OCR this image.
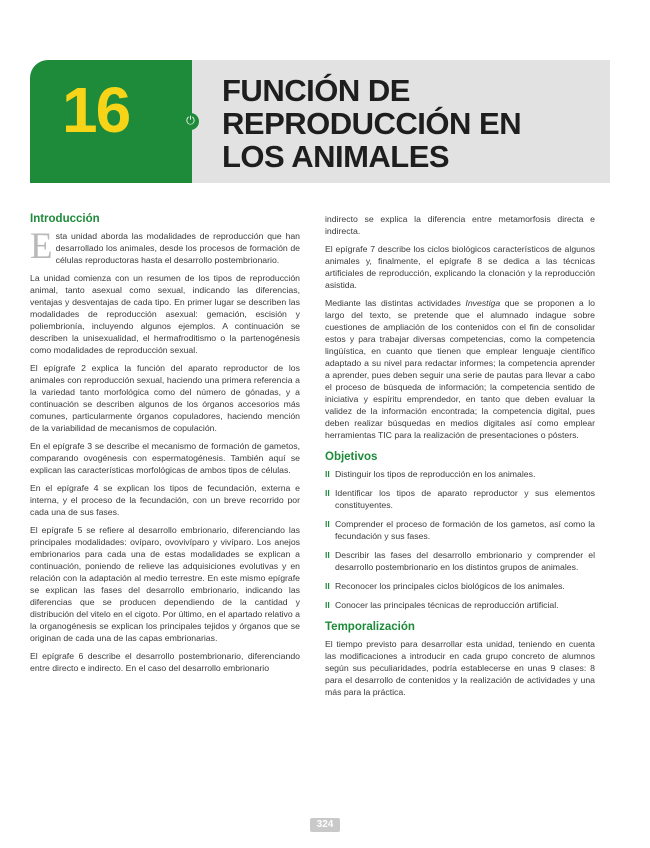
16	⏻
FUNCIÓN DE
REPRODUCCIÓN EN
LOS ANIMALES
Introducción

Esta unidad aborda las modalidades de reproducción que han desarrollado los animales, desde los procesos de formación de células reproductoras hasta el desarrollo postembrionario.

La unidad comienza con un resumen de los tipos de reproducción animal, tanto asexual como sexual, indicando las diferencias, ventajas y desventajas de cada tipo. En primer lugar se describen las modalidades de reproducción asexual: gemación, escisión y poliembrionía, incluyendo algunos ejemplos. A continuación se describen la unisexualidad, el hermafroditismo o la partenogénesis como modalidades de reproducción sexual.

El epígrafe 2 explica la función del aparato reproductor de los animales con reproducción sexual, haciendo una primera referencia a la variedad tanto morfológica como del número de gónadas, y a continuación se describen algunos de los órganos accesorios más comunes, particularmente órganos copuladores, haciendo mención de la variabilidad de mecanismos de copulación.

En el epígrafe 3 se describe el mecanismo de formación de gametos, comparando ovogénesis con espermatogénesis. También aquí se explican las características morfológicas de ambos tipos de células.

En el epígrafe 4 se explican los tipos de fecundación, externa e interna, y el proceso de la fecundación, con un breve recorrido por cada una de sus fases.

El epígrafe 5 se refiere al desarrollo embrionario, diferenciando las principales modalidades: ovíparo, ovovivíparo y vivíparo. Los anejos embrionarios para cada una de estas modalidades se explican a continuación, poniendo de relieve las adquisiciones evolutivas y en relación con la adaptación al medio terrestre. En este mismo epígrafe se explican las fases del desarrollo embrionario, indicando las diferencias que se producen dependiendo de la cantidad y distribución del vitelo en el cigoto. Por último, en el apartado relativo a la organogénesis se explican los principales tejidos y órganos que se originan de cada una de las capas embrionarias.

El epígrafe 6 describe el desarrollo postembrionario, diferenciando entre directo e indirecto. En el caso del desarrollo embrionario

indirecto se explica la diferencia entre metamorfosis directa e indirecta.

El epígrafe 7 describe los ciclos biológicos característicos de algunos animales y, finalmente, el epígrafe 8 se dedica a las técnicas artificiales de reproducción, explicando la clonación y la reproducción asistida.

Mediante las distintas actividades Investiga que se proponen a lo largo del texto, se pretende que el alumnado indague sobre cuestiones de ampliación de los contenidos con el fin de consolidar estos y para trabajar diversas competencias, como la competencia lingüística, en cuanto que tienen que emplear lenguaje científico adaptado a su nivel para redactar informes; la competencia aprender a aprender, pues deben seguir una serie de pautas para llevar a cabo el proceso de búsqueda de información; la competencia sentido de iniciativa y espíritu emprendedor, en tanto que deben evaluar la validez de la información encontrada; la competencia digital, pues deben realizar búsquedas en medios digitales así como emplear herramientas TIC para la realización de presentaciones o pósters.

Objetivos
ll Distinguir los tipos de reproducción en los animales.
ll Identificar los tipos de aparato reproductor y sus elementos constituyentes.
ll Comprender el proceso de formación de los gametos, así como la fecundación y sus fases.
ll Describir las fases del desarrollo embrionario y comprender el desarrollo postembrionario en los distintos grupos de animales.
ll Reconocer los principales ciclos biológicos de los animales.
ll Conocer las principales técnicas de reproducción artificial.
Temporalización

El tiempo previsto para desarrollar esta unidad, teniendo en cuenta las modificaciones a introducir en cada grupo concreto de alumnos según sus peculiaridades, podría establecerse en unas 9 clases: 8 para el desarrollo de contenidos y la realización de actividades y una más para la práctica.

324
